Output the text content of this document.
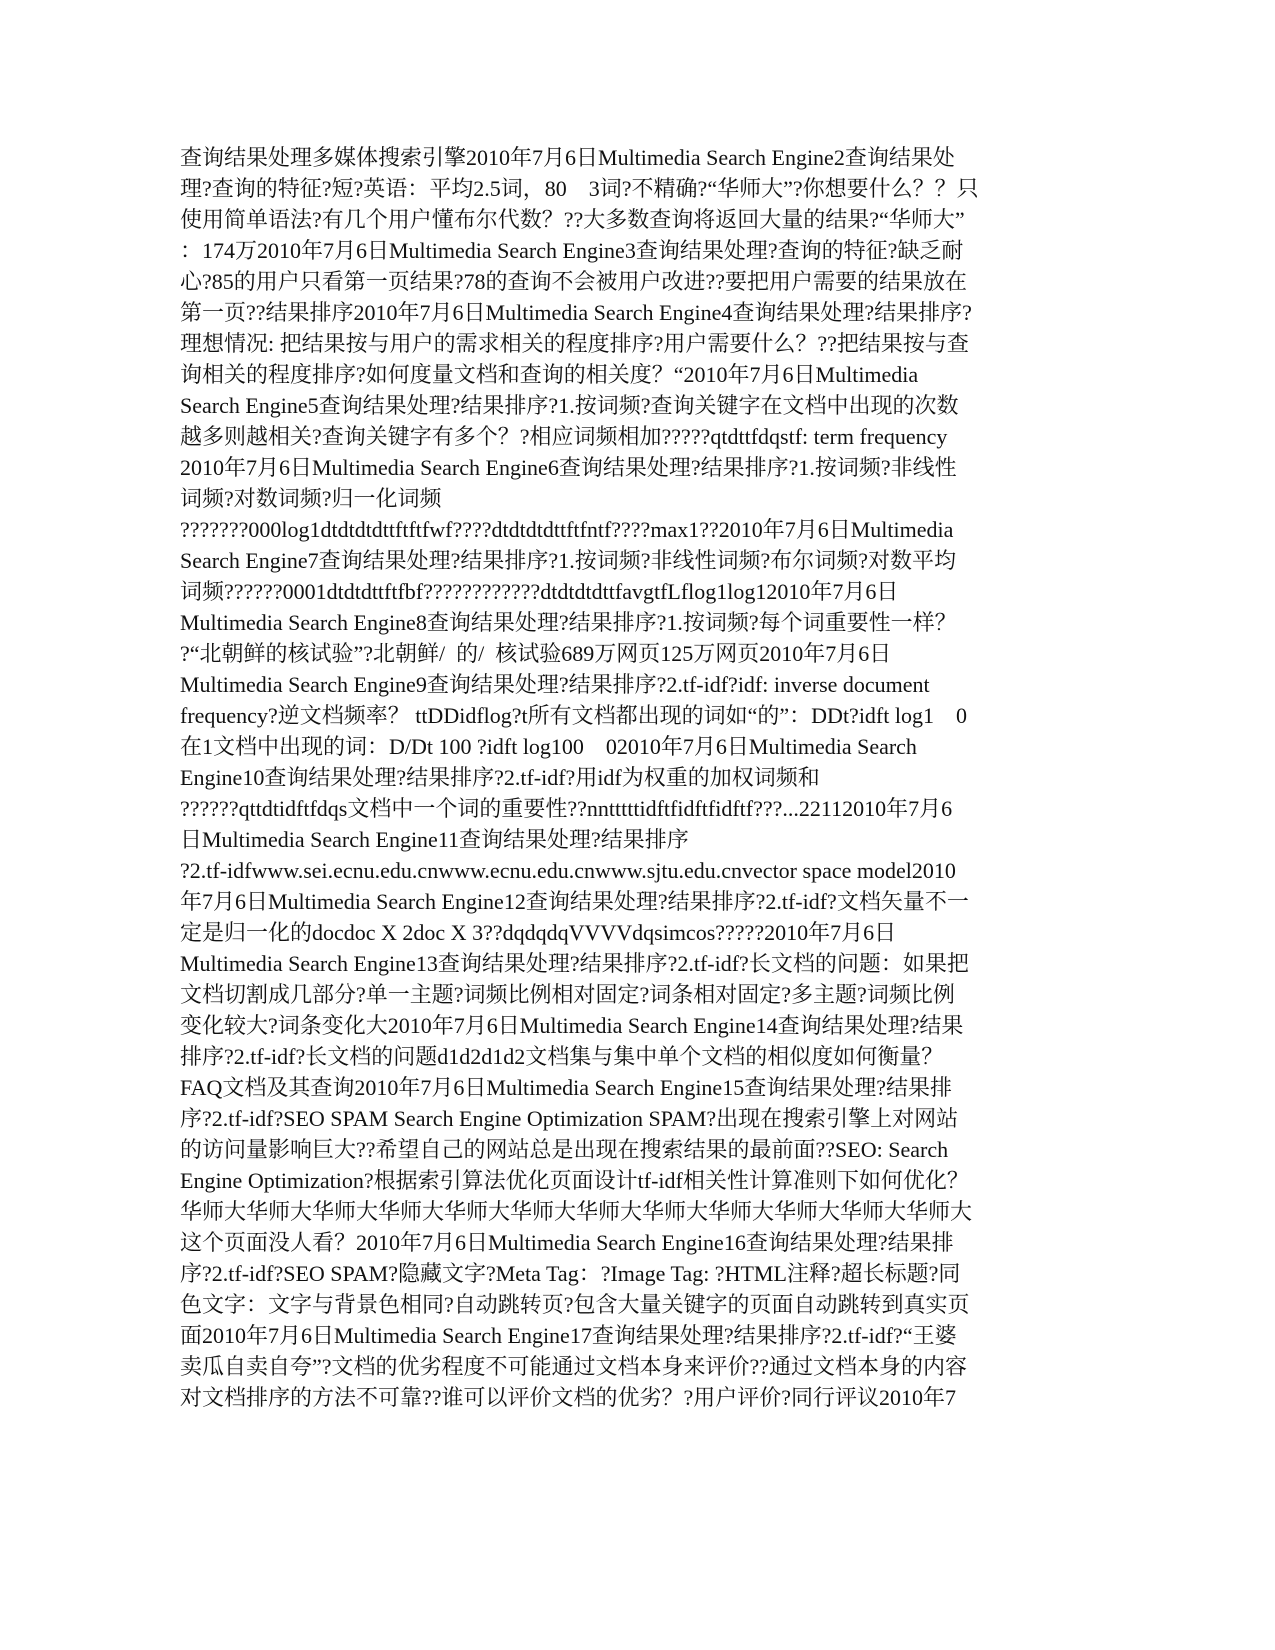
查询结果处理多媒体搜索引擎2010年7月6日Multimedia Search Engine2查询结果处
理?查询的特征?短?英语：平均2.5词，80　3词?不精确?“华师大”?你想要什么？？只
使用简单语法?有几个用户懂布尔代数？??大多数查询将返回大量的结果?“华师大”
：174万2010年7月6日Multimedia Search Engine3查询结果处理?查询的特征?缺乏耐
心?85的用户只看第一页结果?78的查询不会被用户改进??要把用户需要的结果放在
第一页??结果排序2010年7月6日Multimedia Search Engine4查询结果处理?结果排序?
理想情况: 把结果按与用户的需求相关的程度排序?用户需要什么？??把结果按与查
询相关的程度排序?如何度量文档和查询的相关度？“2010年7月6日Multimedia
Search Engine5查询结果处理?结果排序?1.按词频?查询关键字在文档中出现的次数
越多则越相关?查询关键字有多个？?相应词频相加?????qtdttfdqstf: term frequency
2010年7月6日Multimedia Search Engine6查询结果处理?结果排序?1.按词频?非线性
词频?对数词频?归一化词频
???????000log1dtdtdtdttftftfwf????dtdtdtdttftfntf????max1??2010年7月6日Multimedia
Search Engine7查询结果处理?结果排序?1.按词频?非线性词频?布尔词频?对数平均
词频??????0001dtdtdttftfbf????????????dtdtdtdttfavgtfLflog1log12010年7月6日
Multimedia Search Engine8查询结果处理?结果排序?1.按词频?每个词重要性一样？
?“北朝鲜的核试验”?北朝鲜/  的/  核试验689万网页125万网页2010年7月6日
Multimedia Search Engine9查询结果处理?结果排序?2.tf-idf?idf: inverse document
frequency?逆文档频率？ ttDDidflog?t所有文档都出现的词如“的”：DDt?idft log1　0
在1文档中出现的词：D/Dt 100 ?idft log100　02010年7月6日Multimedia Search
Engine10查询结果处理?结果排序?2.tf-idf?用idf为权重的加权词频和
??????qttdtidftfdqs文档中一个词的重要性??nntttttidftfidftfidftf???...22112010年7月6
日Multimedia Search Engine11查询结果处理?结果排序
?2.tf-idfwww.sei.ecnu.edu.cnwww.ecnu.edu.cnwww.sjtu.edu.cnvector space model2010
年7月6日Multimedia Search Engine12查询结果处理?结果排序?2.tf-idf?文档矢量不一
定是归一化的docdoc X 2doc X 3??dqdqdqVVVVdqsimcos?????2010年7月6日
Multimedia Search Engine13查询结果处理?结果排序?2.tf-idf?长文档的问题：如果把
文档切割成几部分?单一主题?词频比例相对固定?词条相对固定?多主题?词频比例
变化较大?词条变化大2010年7月6日Multimedia Search Engine14查询结果处理?结果
排序?2.tf-idf?长文档的问题d1d2d1d2文档集与集中单个文档的相似度如何衡量？
FAQ文档及其查询2010年7月6日Multimedia Search Engine15查询结果处理?结果排
序?2.tf-idf?SEO SPAM Search Engine Optimization SPAM?出现在搜索引擎上对网站
的访问量影响巨大??希望自己的网站总是出现在搜索结果的最前面??SEO: Search
Engine Optimization?根据索引算法优化页面设计tf-idf相关性计算准则下如何优化？
华师大华师大华师大华师大华师大华师大华师大华师大华师大华师大华师大华师大
这个页面没人看？2010年7月6日Multimedia Search Engine16查询结果处理?结果排
序?2.tf-idf?SEO SPAM?隐藏文字?Meta Tag：?Image Tag: ?HTML注释?超长标题?同
色文字：文字与背景色相同?自动跳转页?包含大量关键字的页面自动跳转到真实页
面2010年7月6日Multimedia Search Engine17查询结果处理?结果排序?2.tf-idf?“王婆
卖瓜自卖自夸”?文档的优劣程度不可能通过文档本身来评价??通过文档本身的内容
对文档排序的方法不可靠??谁可以评价文档的优劣？?用户评价?同行评议2010年7
